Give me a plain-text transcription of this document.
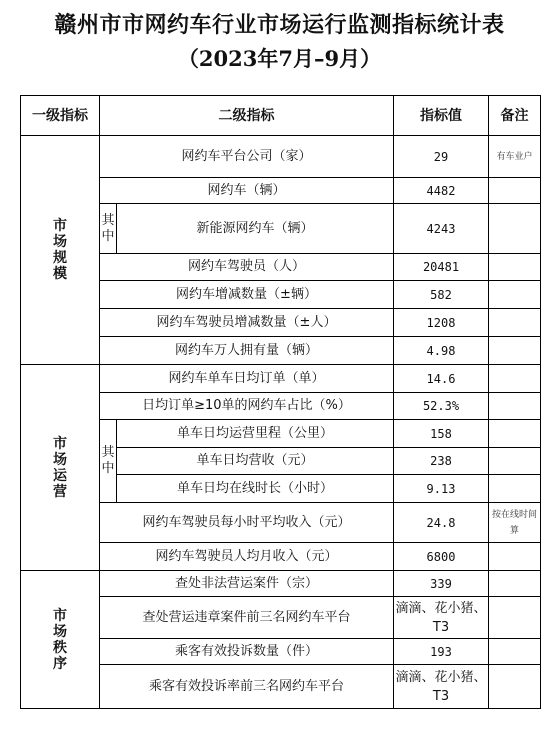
赣州市市网约车行业市场运行监测指标统计表
（2023年7月–9月）
一级指标	二级指标		指标值	备注
市场规模	网约车平台公司（家）		29	有车业户
	网约车（辆）		4482	
	其中	新能源网约车（辆）	4243	
	网约车驾驶员（人）		20481	
	网约车增减数量（±辆）		582	
	网约车驾驶员增减数量（±人）		1208	
	网约车万人拥有量（辆）		4.98	
市场运营	网约车单车日均订单（单）		14.6	
	日均订单≥10单的网约车占比（%）		52.3%	
	其中	单车日均运营里程（公里）	158	
		单车日均营收（元）	238	
		单车日均在线时长（小时）	9.13	
	网约车驾驶员每小时平均收入（元）		24.8	按在线时间算
	网约车驾驶员人均月收入（元）		6800	
市场秩序	查处非法营运案件（宗）		339	
	查处营运违章案件前三名网约车平台		滴滴、花小猪、T3	
	乘客有效投诉数量（件）		193	
	乘客有效投诉率前三名网约车平台		滴滴、花小猪、T3	
